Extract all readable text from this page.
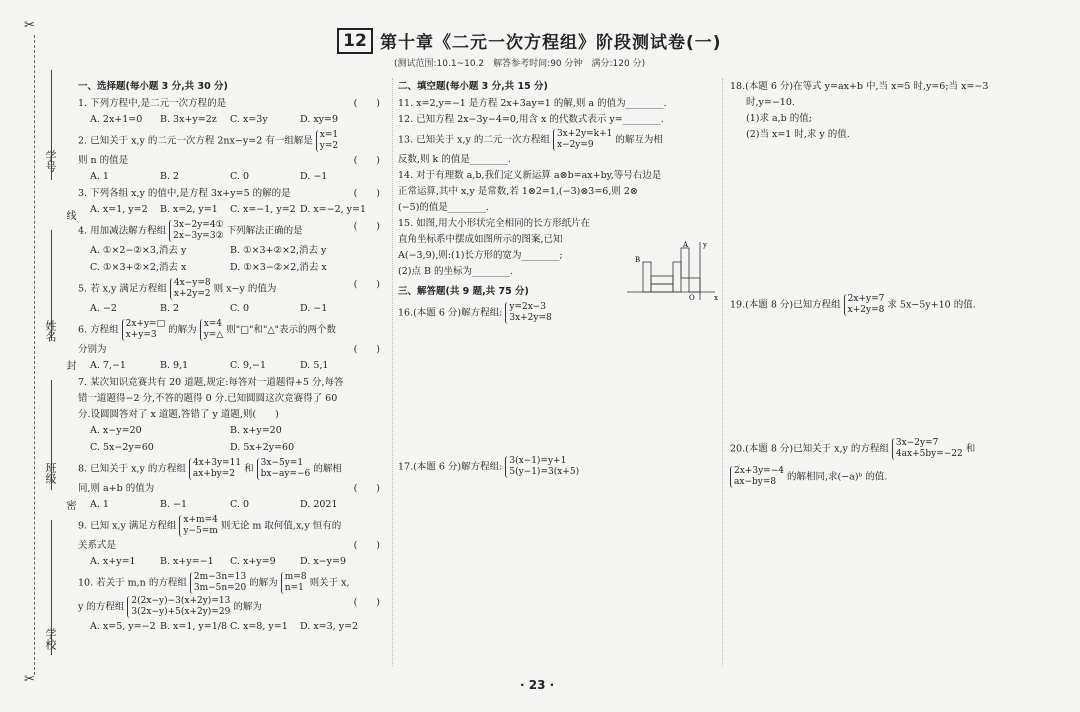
✂
✂
学号
线
姓名
封
班级
密
学校
12 第十章《二元一次方程组》阶段测试卷(一)
(测试范围:10.1~10.2　解答参考时间:90 分钟　满分:120 分)
一、选择题(每小题 3 分,共 30 分)
1. 下列方程中,是二元一次方程的是	(　　)
A. 2x+1=0	B. 3x+y=2z	C. x=3y	D. xy=9
2. 已知关于 x,y 的二元一次方程 2nx−y=2 有一组解是 x=1
y=2
则 n 的值是	(　　)
A. 1	B. 2	C. 0	D. −1
3. 下列各组 x,y 的值中,是方程 3x+y=5 的解的是	(　　)
A. x=1, y=2	B. x=2, y=1	C. x=−1, y=2 D. x=−2, y=1
4. 用加减法解方程组 3x−2y=4①
2x−3y=3② 下列解法正确的是	(　　)
A. ①×2−②×3,消去 y	B. ①×3+②×2,消去 y
C. ①×3+②×2,消去 x	D. ①×3−②×2,消去 x
5. 若 x,y 满足方程组 4x−y=8
x+2y=2 则 x−y 的值为	(　　)
A. −2	B. 2	C. 0	D. −1
6. 方程组 2x+y=□
x+y=3 的解为 x=4
y=△ 则"□"和"△"表示的两个数
分别为	(　　)
A. 7,−1	B. 9,1	C. 9,−1	D. 5,1
7. 某次知识竞赛共有 20 道题,规定:每答对一道题得+5 分,每答
错一道题得−2 分,不答的题得 0 分.已知圆圆这次竞赛得了 60
分.设圆圆答对了 x 道题,答错了 y 道题,则(　　)
A. x−y=20	B. x+y=20
C. 5x−2y=60	D. 5x+2y=60
8. 已知关于 x,y 的方程组 4x+3y=11
ax+by=2 和 3x−5y=1
bx−ay=−6 的解相
同,则 a+b 的值为	(　　)
A. 1	B. −1	C. 0	D. 2021
9. 已知 x,y 满足方程组 x+m=4
y−5=m 则无论 m 取何值,x,y 恒有的
关系式是	(　　)
A. x+y=1	B. x+y=−1	C. x+y=9	D. x−y=9
10. 若关于 m,n 的方程组 2m−3n=13
3m−5n=20 的解为 m=8
n=1 则关于 x,
y 的方程组 2(2x−y)−3(x+2y)=13
3(2x−y)+5(x+2y)=29 的解为	(　　)
A. x=5, y=−2 B. x=1, y=1/8 C. x=8, y=1	D. x=3, y=2
二、填空题(每小题 3 分,共 15 分)
11. x=2,y=−1 是方程 2x+3ay=1 的解,则 a 的值为________.
12. 已知方程 2x−3y−4=0,用含 x 的代数式表示 y=________.
13. 已知关于 x,y 的二元一次方程组 3x+2y=k+1
x−2y=9 的解互为相
反数,则 k 的值是________.
14. 对于有理数 a,b,我们定义新运算 a⊗b=ax+by,等号右边是
正常运算,其中 x,y 是常数,若 1⊗2=1,(−3)⊗3=6,则 2⊗
(−5)的值是________.
15. 如图,用大小形状完全相同的长方形纸片在
直角坐标系中摆成如图所示的图案,已知
A(−3,9),则:(1)长方形的宽为________;
(2)点 B 的坐标为________.
三、解答题(共 9 题,共 75 分)
16.(本题 6 分)解方程组: y=2x−3
3x+2y=8
17.(本题 6 分)解方程组: 3(x−1)=y+1
5(y−1)=3(x+5)
A
B
O	x
y
18.(本题 6 分)在等式 y=ax+b 中,当 x=5 时,y=6;当 x=−3
时,y=−10.
(1)求 a,b 的值;
(2)当 x=1 时,求 y 的值.
19.(本题 8 分)已知方程组 2x+y=7
x+2y=8 求 5x−5y+10 的值.
20.(本题 8 分)已知关于 x,y 的方程组 3x−2y=7
4ax+5by=−22 和
2x+3y=−4
ax−by=8 的解相同,求(−a)ᵇ 的值.
· 23 ·
